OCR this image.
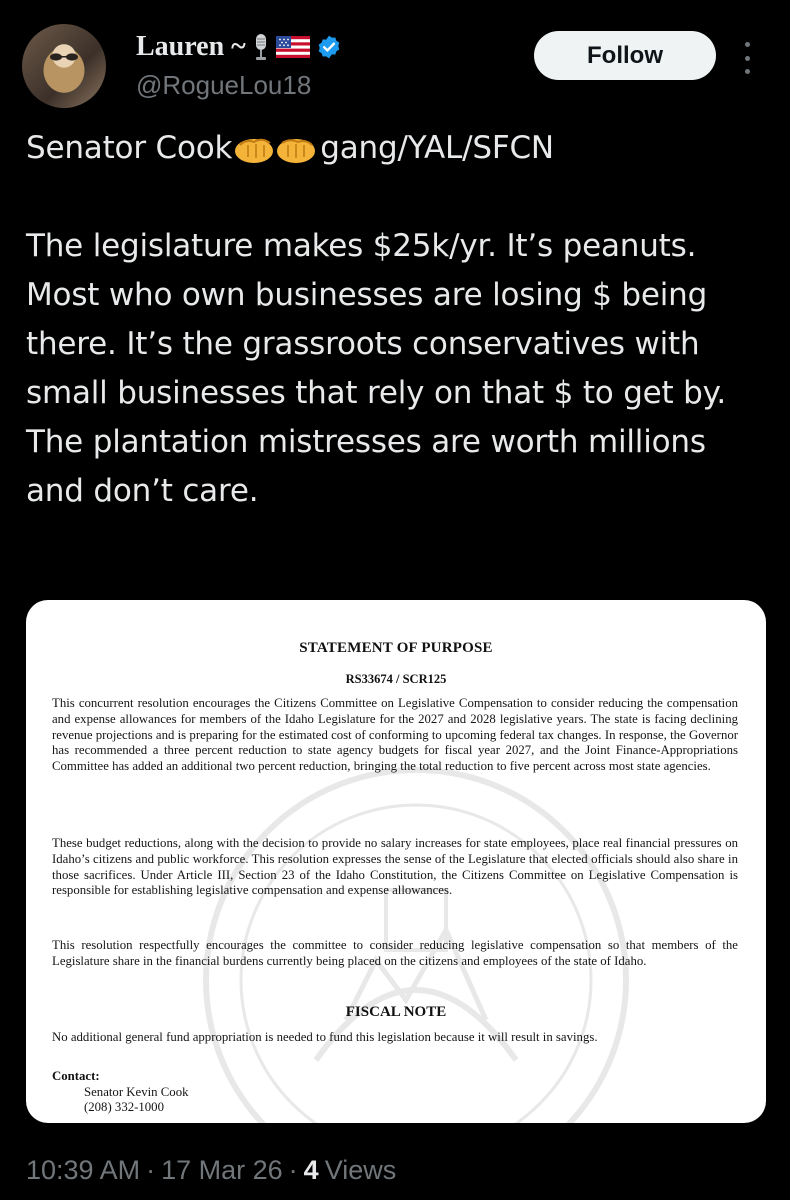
Lauren ~
@RogueLou18
Follow
Senator Cook	gang/YAL/SFCN

The legislature makes $25k/yr. It’s peanuts. Most who own businesses are losing $ being there. It’s the grassroots conservatives with small businesses that rely on that $ to get by. The plantation mistresses are worth millions and don’t care.
STATEMENT OF PURPOSE
RS33674 / SCR125
This concurrent resolution encourages the Citizens Committee on Legislative Compensation to consider reducing the compensation and expense allowances for members of the Idaho Legislature for the 2027 and 2028 legislative years. The state is facing declining revenue projections and is preparing for the estimated cost of conforming to upcoming federal tax changes. In response, the Governor has recommended a three percent reduction to state agency budgets for fiscal year 2027, and the Joint Finance-Appropriations Committee has added an additional two percent reduction, bringing the total reduction to five percent across most state agencies.
These budget reductions, along with the decision to provide no salary increases for state employees, place real financial pressures on Idaho’s citizens and public workforce. This resolution expresses the sense of the Legislature that elected officials should also share in those sacrifices. Under Article III, Section 23 of the Idaho Constitution, the Citizens Committee on Legislative Compensation is responsible for establishing legislative compensation and expense allowances.
This resolution respectfully encourages the committee to consider reducing legislative compensation so that members of the Legislature share in the financial burdens currently being placed on the citizens and employees of the state of Idaho.
FISCAL NOTE
No additional general fund appropriation is needed to fund this legislation because it will result in savings.
Contact:
Senator Kevin Cook
(208) 332-1000
10:39 AM · 17 Mar 26 · 4 Views
